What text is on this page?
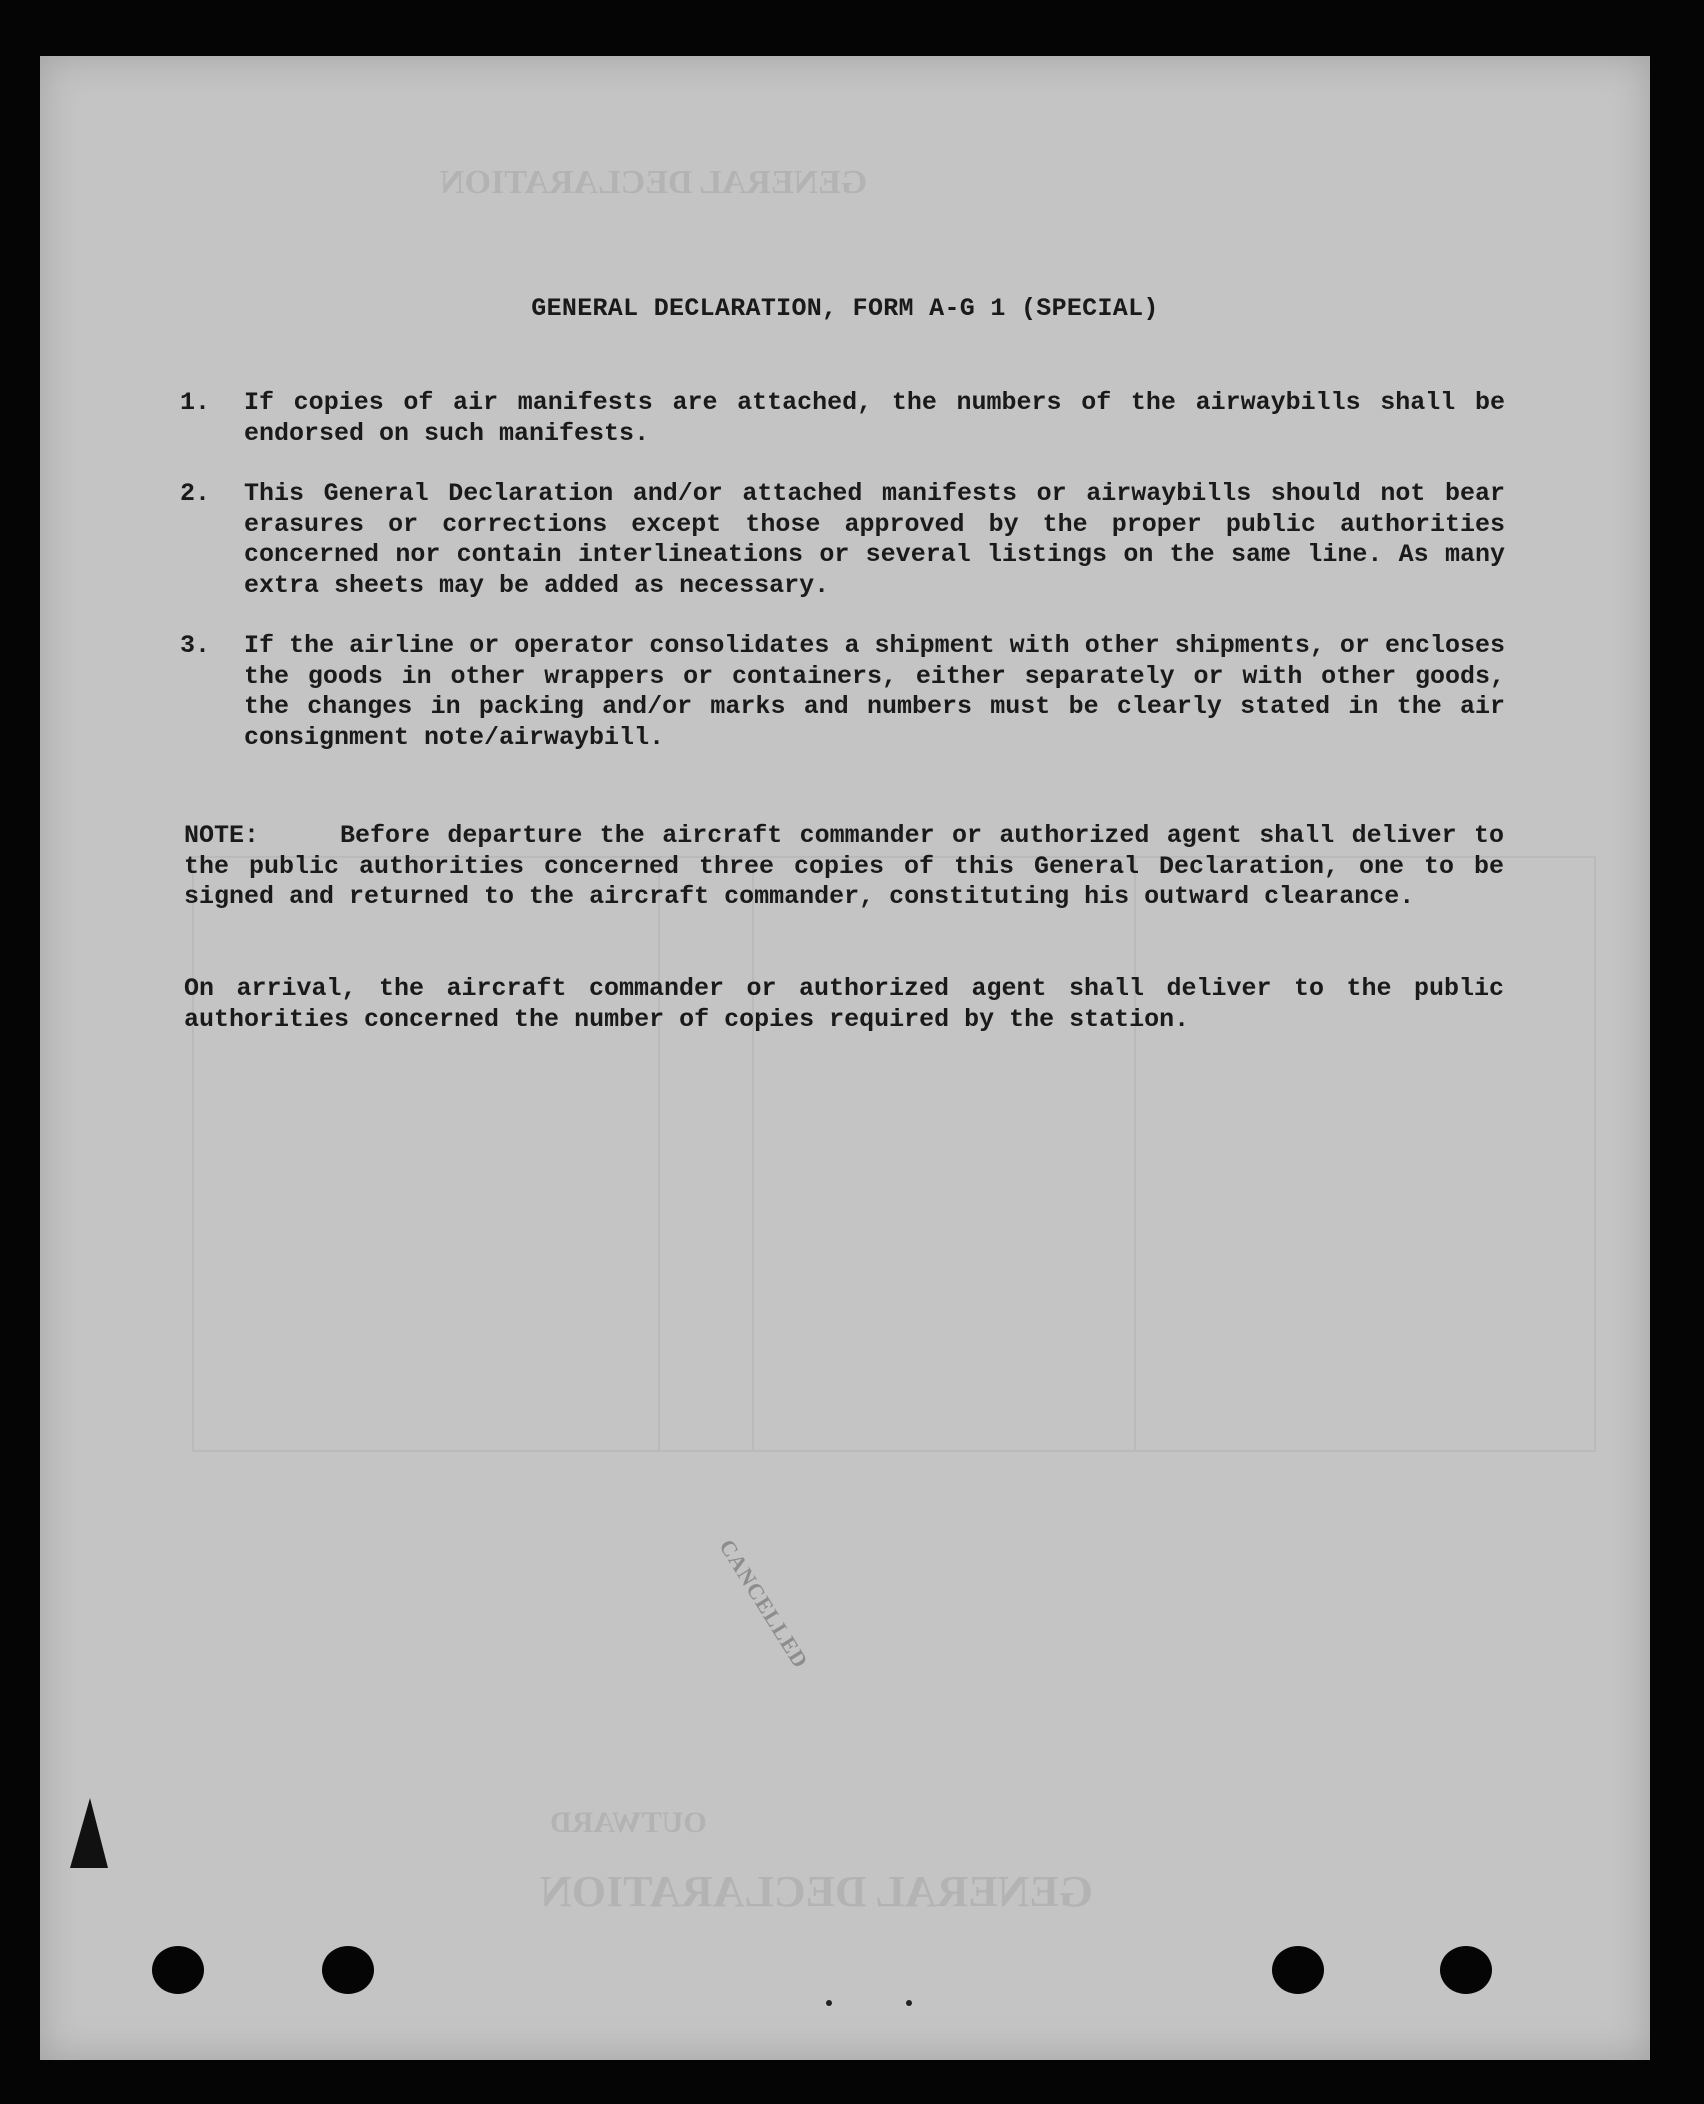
GENERAL DECLARATION
OUTWARD
GENERAL DECLARATION
GENERAL DECLARATION, FORM A-G 1 (SPECIAL)
1.	If copies of air manifests are attached, the numbers of the airwaybills shall be endorsed on such manifests.
2.	This General Declaration and/or attached manifests or airwaybills should not bear erasures or corrections except those approved by the proper public authorities concerned nor contain interlineations or several listings on the same line. As many extra sheets may be added as necessary.
3.	If the airline or operator consolidates a shipment with other shipments, or encloses the goods in other wrappers or containers, either separately or with other goods, the changes in packing and/or marks and numbers must be clearly stated in the air consignment note/airwaybill.
NOTE:	Before departure the aircraft commander or authorized agent shall deliver to the public authorities concerned three copies of this General Declaration, one to be signed and returned to the aircraft commander, constituting his outward clearance.
On arrival, the aircraft commander or authorized agent shall deliver to the public authorities concerned the number of copies required by the station.
CANCELLED
